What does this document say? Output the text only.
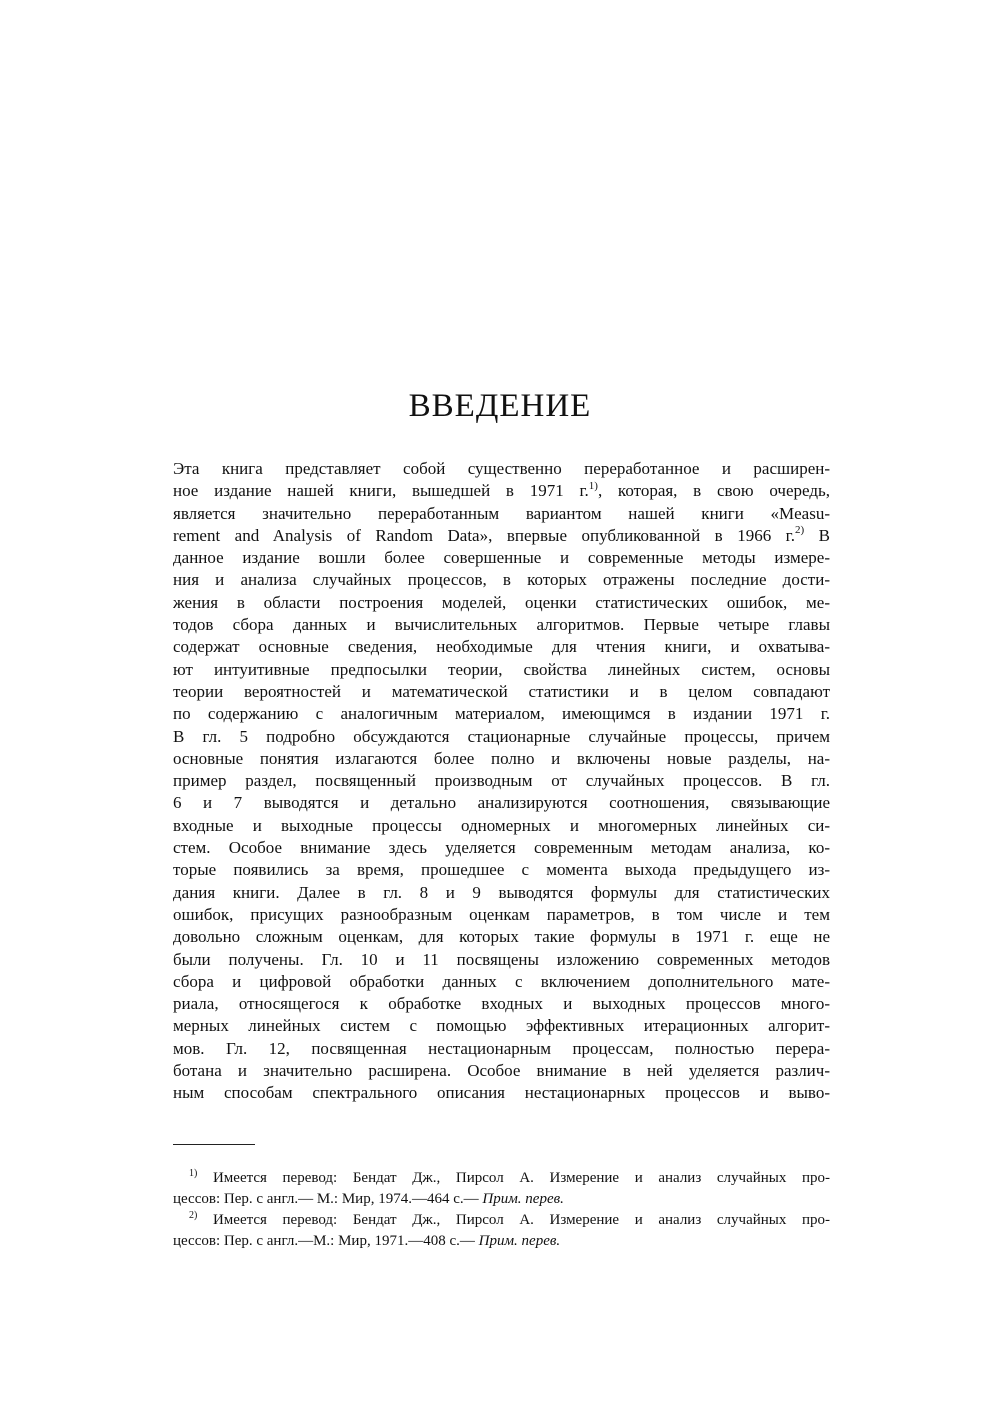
ВВЕДЕНИЕ
Эта книга представляет собой существенно переработанное и расширен-
ное издание нашей книги, вышедшей в 1971 г.$^{1)}$, которая, в свою очередь,
является значительно переработанным вариантом нашей книги «Measu-
rement and Analysis of Random Data», впервые опубликованной в 1966 г.$^{2)}$ В
данное издание вошли более совершенные и современные методы измере-
ния и анализа случайных процессов, в которых отражены последние дости-
жения в области построения моделей, оценки статистических ошибок, ме-
тодов сбора данных и вычислительных алгоритмов. Первые четыре главы
содержат основные сведения, необходимые для чтения книги, и охватыва-
ют интуитивные предпосылки теории, свойства линейных систем, основы
теории вероятностей и математической статистики и в целом совпадают
по содержанию с аналогичным материалом, имеющимся в издании 1971 г.
В гл. 5 подробно обсуждаются стационарные случайные процессы, причем
основные понятия излагаются более полно и включены новые разделы, на-
пример раздел, посвященный производным от случайных процессов. В гл.
6 и 7 выводятся и детально анализируются соотношения, связывающие
входные и выходные процессы одномерных и многомерных линейных си-
стем. Особое внимание здесь уделяется современным методам анализа, ко-
торые появились за время, прошедшее с момента выхода предыдущего из-
дания книги. Далее в гл. 8 и 9 выводятся формулы для статистических
ошибок, присущих разнообразным оценкам параметров, в том числе и тем
довольно сложным оценкам, для которых такие формулы в 1971 г. еще не
были получены. Гл. 10 и 11 посвящены изложению современных методов
сбора и цифровой обработки данных с включением дополнительного мате-
риала, относящегося к обработке входных и выходных процессов много-
мерных линейных систем с помощью эффективных итерационных алгорит-
мов. Гл. 12, посвященная нестационарным процессам, полностью перера-
ботана и значительно расширена. Особое внимание в ней уделяется различ-
ным способам спектрального описания нестационарных процессов и выво-
$^{1)}$ Имеется перевод: Бендат Дж., Пирсол А. Измерение и анализ случайных про-
цессов: Пер. с англ.— М.: Мир, 1974.—464 с.— Прим. перев.
$^{2)}$ Имеется перевод: Бендат Дж., Пирсол А. Измерение и анализ случайных про-
цессов: Пер. с англ.—М.: Мир, 1971.—408 с.— Прим. перев.
